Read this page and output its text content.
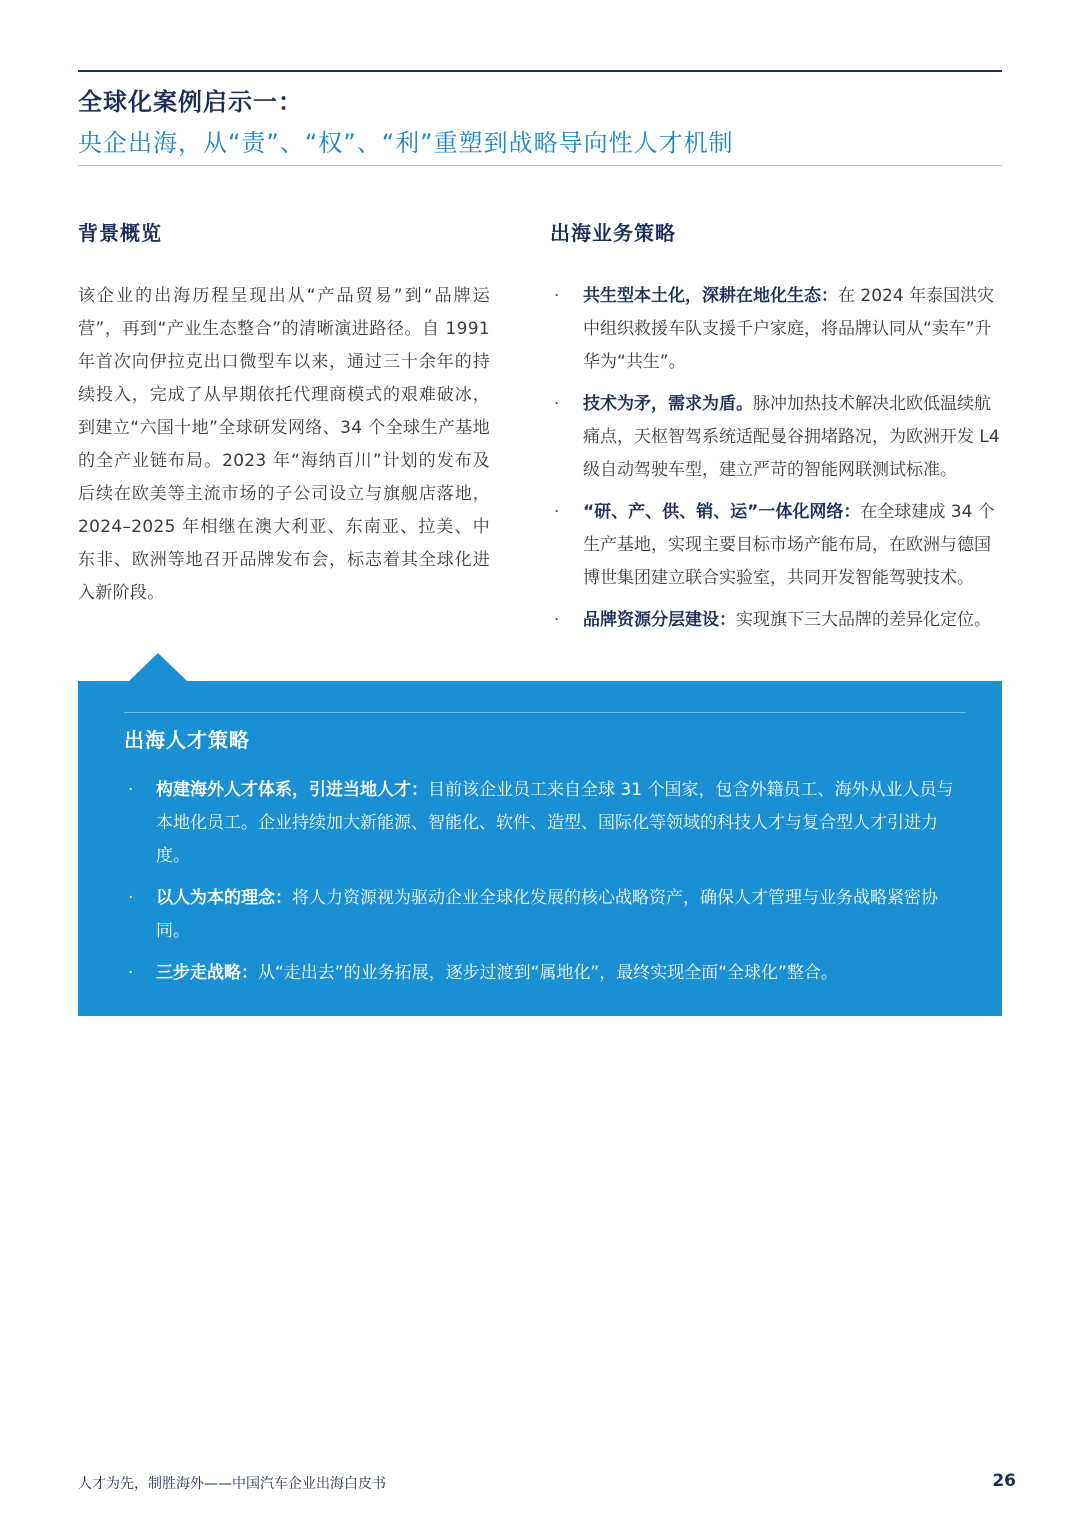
全球化案例启示一：
央企出海，从“责”、“权”、“利”重塑到战略导向性人才机制
背景概览
该企业的出海历程呈现出从“产品贸易”到“品牌运营”，再到“产业生态整合”的清晰演进路径。自 1991 年首次向伊拉克出口微型车以来，通过三十余年的持续投入，完成了从早期依托代理商模式的艰难破冰，到建立“六国十地”全球研发网络、34 个全球生产基地的全产业链布局。2023 年“海纳百川”计划的发布及后续在欧美等主流市场的子公司设立与旗舰店落地，2024–2025 年相继在澳大利亚、东南亚、拉美、中东非、欧洲等地召开品牌发布会，标志着其全球化进入新阶段。
出海业务策略
· 共生型本土化，深耕在地化生态：在 2024 年泰国洪灾中组织救援车队支援千户家庭，将品牌认同从“卖车”升华为“共生”。
· 技术为矛，需求为盾。脉冲加热技术解决北欧低温续航痛点，天枢智驾系统适配曼谷拥堵路况，为欧洲开发 L4 级自动驾驶车型，建立严苛的智能网联测试标准。
· “研、产、供、销、运”一体化网络：在全球建成 34 个生产基地，实现主要目标市场产能布局，在欧洲与德国博世集团建立联合实验室，共同开发智能驾驶技术。
· 品牌资源分层建设：实现旗下三大品牌的差异化定位。
出海人才策略
· 构建海外人才体系，引进当地人才：目前该企业员工来自全球 31 个国家，包含外籍员工、海外从业人员与本地化员工。企业持续加大新能源、智能化、软件、造型、国际化等领域的科技人才与复合型人才引进力度。
· 以人为本的理念：将人力资源视为驱动企业全球化发展的核心战略资产，确保人才管理与业务战略紧密协同。
· 三步走战略：从“走出去”的业务拓展，逐步过渡到“属地化”，最终实现全面“全球化”整合。
人才为先，制胜海外——中国汽车企业出海白皮书	26
